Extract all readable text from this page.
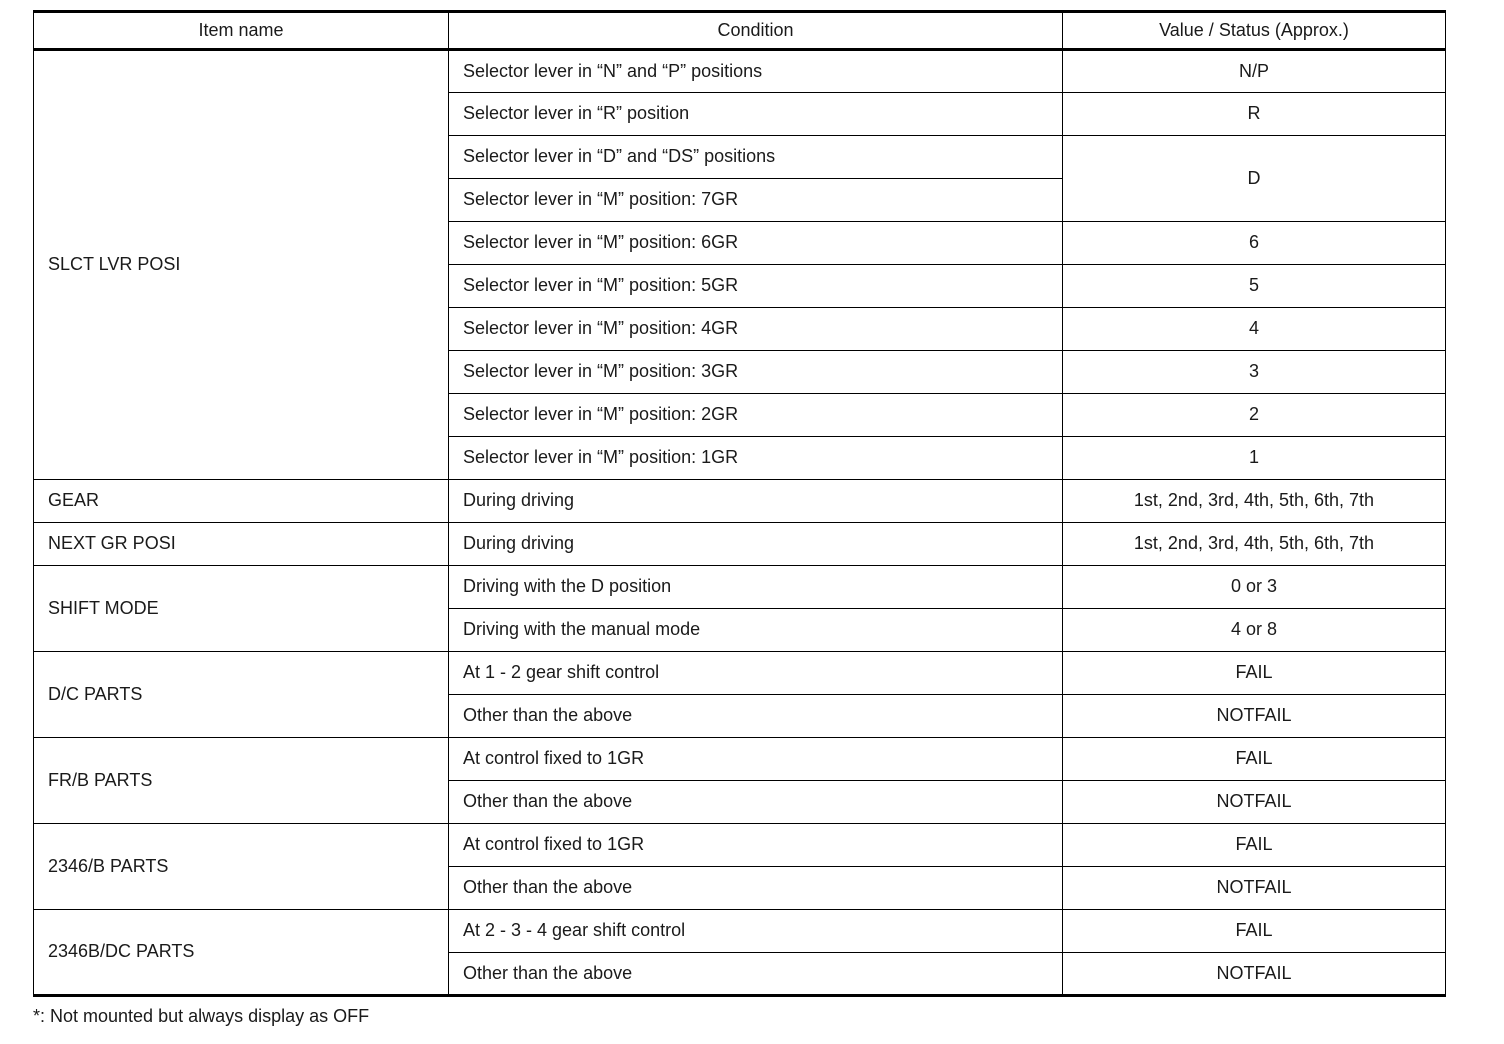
Item name	Condition	Value / Status (Approx.)
SLCT LVR POSI	Selector lever in “N” and “P” positions	N/P
	Selector lever in “R” position	R
	Selector lever in “D” and “DS” positions	D
	Selector lever in “M” position: 7GR	
	Selector lever in “M” position: 6GR	6
	Selector lever in “M” position: 5GR	5
	Selector lever in “M” position: 4GR	4
	Selector lever in “M” position: 3GR	3
	Selector lever in “M” position: 2GR	2
	Selector lever in “M” position: 1GR	1
GEAR	During driving	1st, 2nd, 3rd, 4th, 5th, 6th, 7th
NEXT GR POSI	During driving	1st, 2nd, 3rd, 4th, 5th, 6th, 7th
SHIFT MODE	Driving with the D position	0 or 3
	Driving with the manual mode	4 or 8
D/C PARTS	At 1 - 2 gear shift control	FAIL
	Other than the above	NOTFAIL
FR/B PARTS	At control fixed to 1GR	FAIL
	Other than the above	NOTFAIL
2346/B PARTS	At control fixed to 1GR	FAIL
	Other than the above	NOTFAIL
2346B/DC PARTS	At 2 - 3 - 4 gear shift control	FAIL
	Other than the above	NOTFAIL
*: Not mounted but always display as OFF
